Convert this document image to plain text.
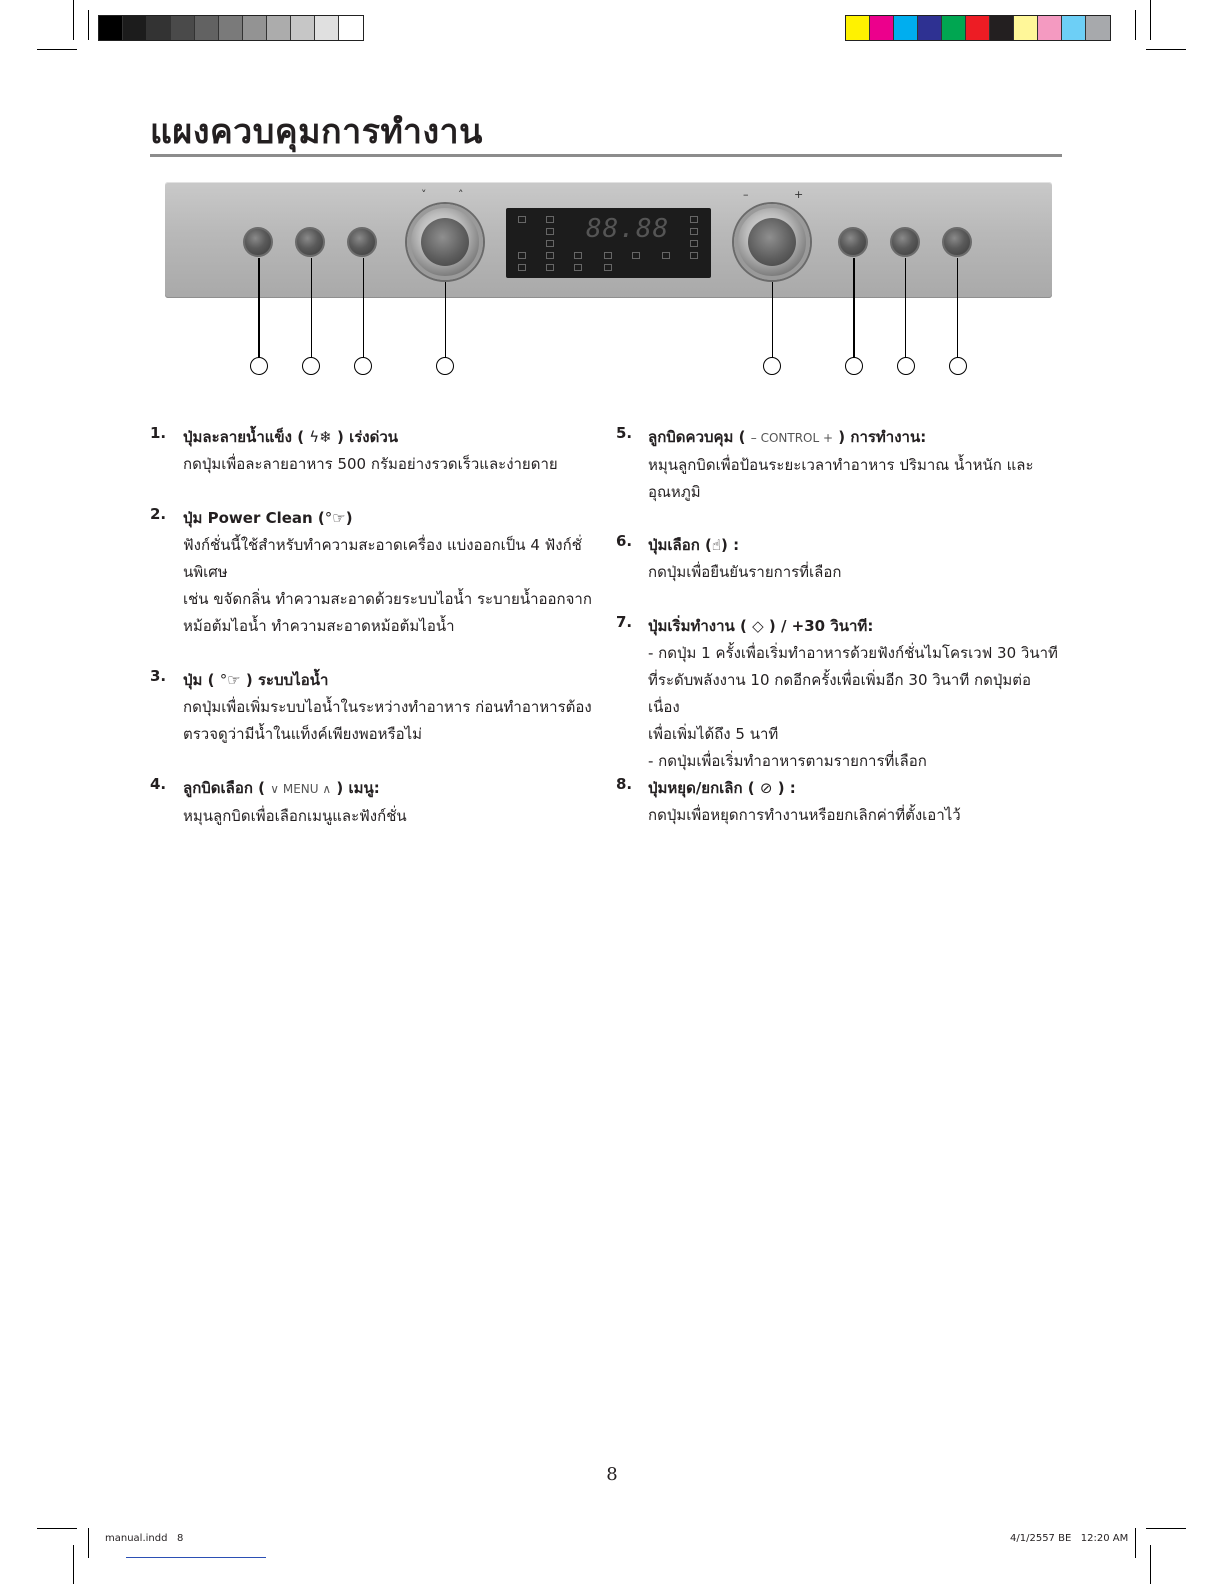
แผงควบคุมการทำงาน
˅	˄	–	+
88.88
1. ปุ่มละลายน้ำแข็ง ( ϟ❄ ) เร่งด่วน
กดปุ่มเพื่อละลายอาหาร 500 กรัมอย่างรวดเร็วและง่ายดาย
2. ปุ่ม Power Clean (°☞)
ฟังก์ชั่นนี้ใช้สำหรับทำความสะอาดเครื่อง แบ่งออกเป็น 4 ฟังก์ชั่
นพิเศษ
เช่น ขจัดกลิ่น ทำความสะอาดด้วยระบบไอน้ำ ระบายน้ำออกจาก
หม้อต้มไอน้ำ ทำความสะอาดหม้อต้มไอน้ำ
3. ปุ่ม ( °☞ ) ระบบไอน้ำ
กดปุ่มเพื่อเพิ่มระบบไอน้ำในระหว่างทำอาหาร ก่อนทำอาหารต้อง
ตรวจดูว่ามีน้ำในแท็งค์เพียงพอหรือไม่
4. ลูกบิดเลือก ( ∨ MENU ∧ ) เมนู:
หมุนลูกบิดเพื่อเลือกเมนูและฟังก์ชั่น
5. ลูกบิดควบคุม ( – CONTROL + ) การทำงาน:
หมุนลูกบิดเพื่อป้อนระยะเวลาทำอาหาร ปริมาณ น้ำหนัก และ
อุณหภูมิ
6. ปุ่มเลือก (☝) :
กดปุ่มเพื่อยืนยันรายการที่เลือก
7. ปุ่มเริ่มทำงาน ( ◇ ) / +30 วินาที:
- กดปุ่ม 1 ครั้งเพื่อเริ่มทำอาหารด้วยฟังก์ชั่นไมโครเวฟ 30 วินาที
ที่ระดับพลังงาน 10 กดอีกครั้งเพื่อเพิ่มอีก 30 วินาที กดปุ่มต่อเนื่อง
เพื่อเพิ่มได้ถึง 5 นาที
- กดปุ่มเพื่อเริ่มทำอาหารตามรายการที่เลือก
8. ปุ่มหยุด/ยกเลิก ( ⊘ ) :
กดปุ่มเพื่อหยุดการทำงานหรือยกเลิกค่าที่ตั้งเอาไว้
8
manual.indd   8	4/1/2557 BE   12:20 AM
